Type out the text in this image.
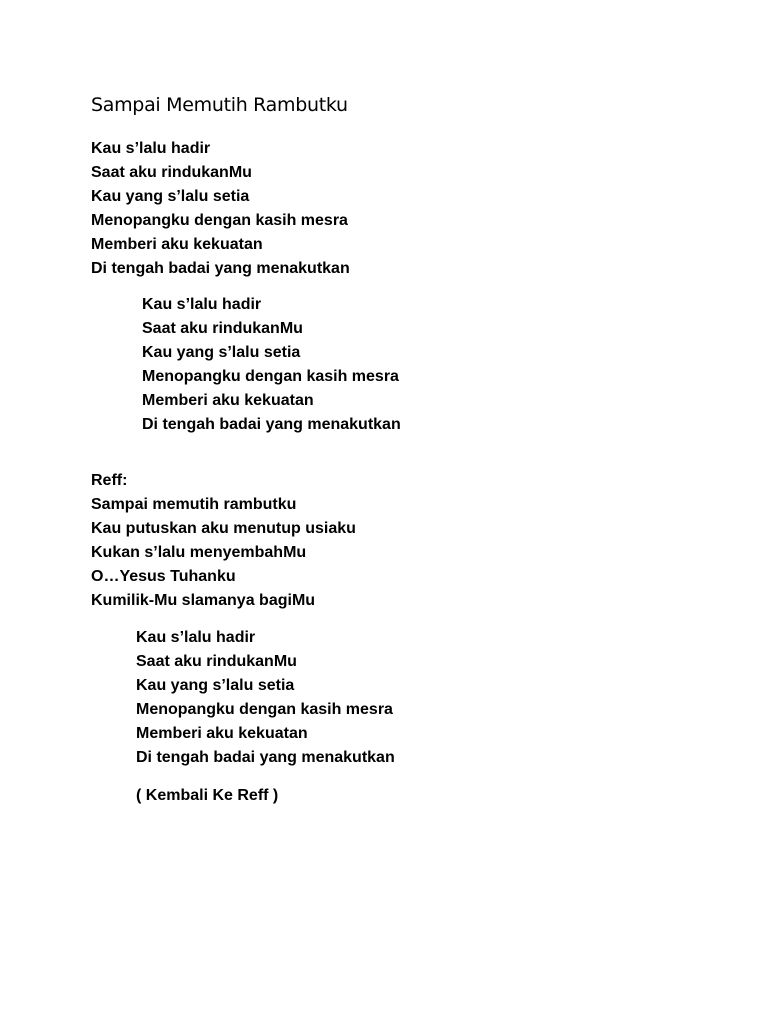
Sampai Memutih Rambutku
Kau s’lalu hadir
Saat aku rindukanMu
Kau yang s’lalu setia
Menopangku dengan kasih mesra
Memberi aku kekuatan
Di tengah badai yang menakutkan
Kau s’lalu hadir
Saat aku rindukanMu
Kau yang s’lalu setia
Menopangku dengan kasih mesra
Memberi aku kekuatan
Di tengah badai yang menakutkan
Reff:
Sampai memutih rambutku
Kau putuskan aku menutup usiaku
Kukan s’lalu menyembahMu
O…Yesus Tuhanku
Kumilik-Mu slamanya bagiMu
Kau s’lalu hadir
Saat aku rindukanMu
Kau yang s’lalu setia
Menopangku dengan kasih mesra
Memberi aku kekuatan
Di tengah badai yang menakutkan

( Kembali Ke Reff )
